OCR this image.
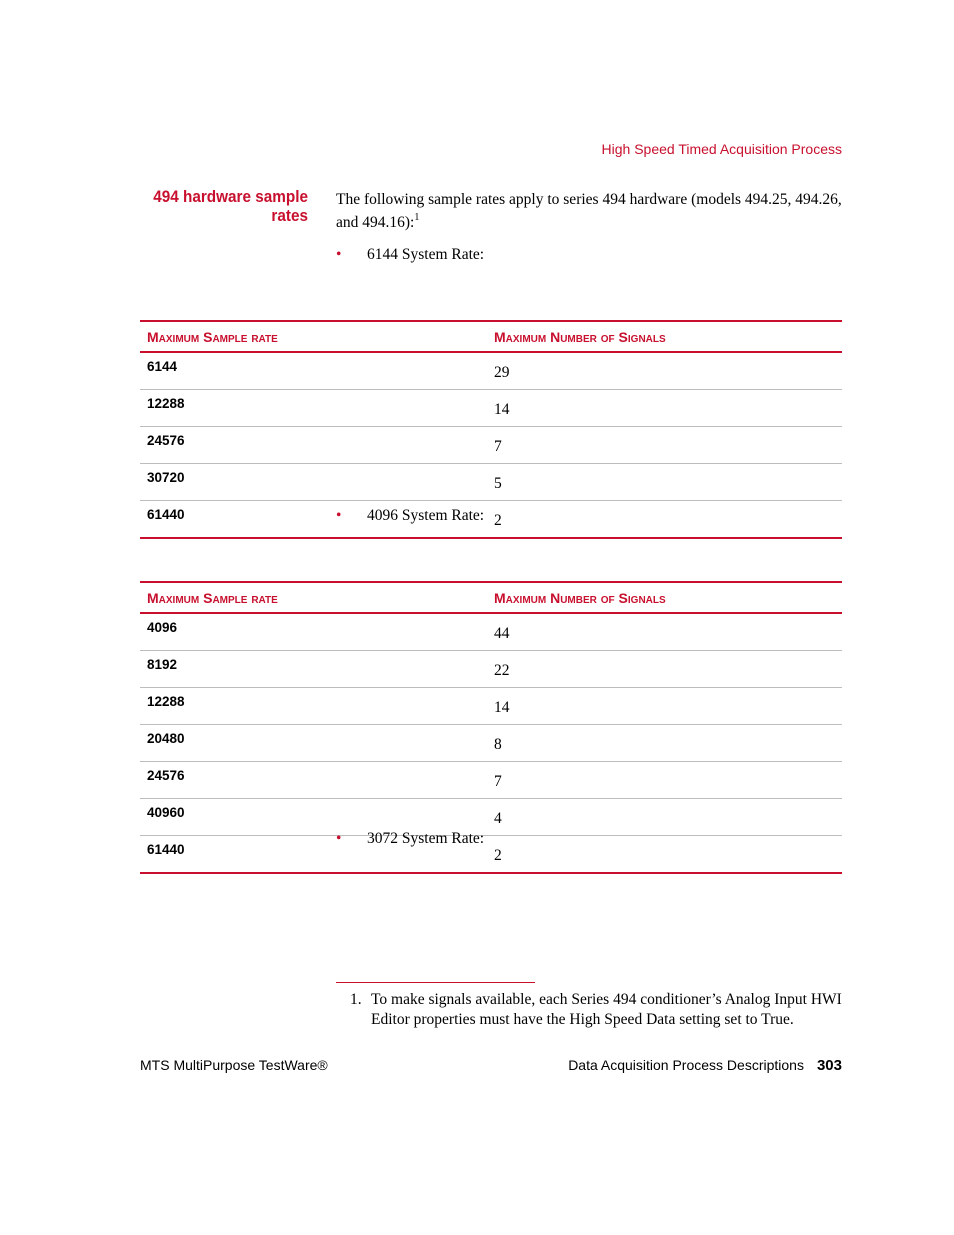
High Speed Timed Acquisition Process
494 hardware sample
rates
The following sample rates apply to series 494 hardware (models 494.25, 494.26, and 494.16):$^1$
• 6144 System Rate:
Maximum Sample rate	Maximum Number of Signals
6144	29
12288	14
24576	7
30720	5
61440	2
• 4096 System Rate:
Maximum Sample rate	Maximum Number of Signals
4096	44
8192	22
12288	14
20480	8
24576	7
40960	4
61440	2
• 3072 System Rate:
1. To make signals available, each Series 494 conditioner’s Analog Input HWI Editor properties must have the High Speed Data setting set to True.
MTS MultiPurpose TestWare®	Data Acquisition Process Descriptions 303
